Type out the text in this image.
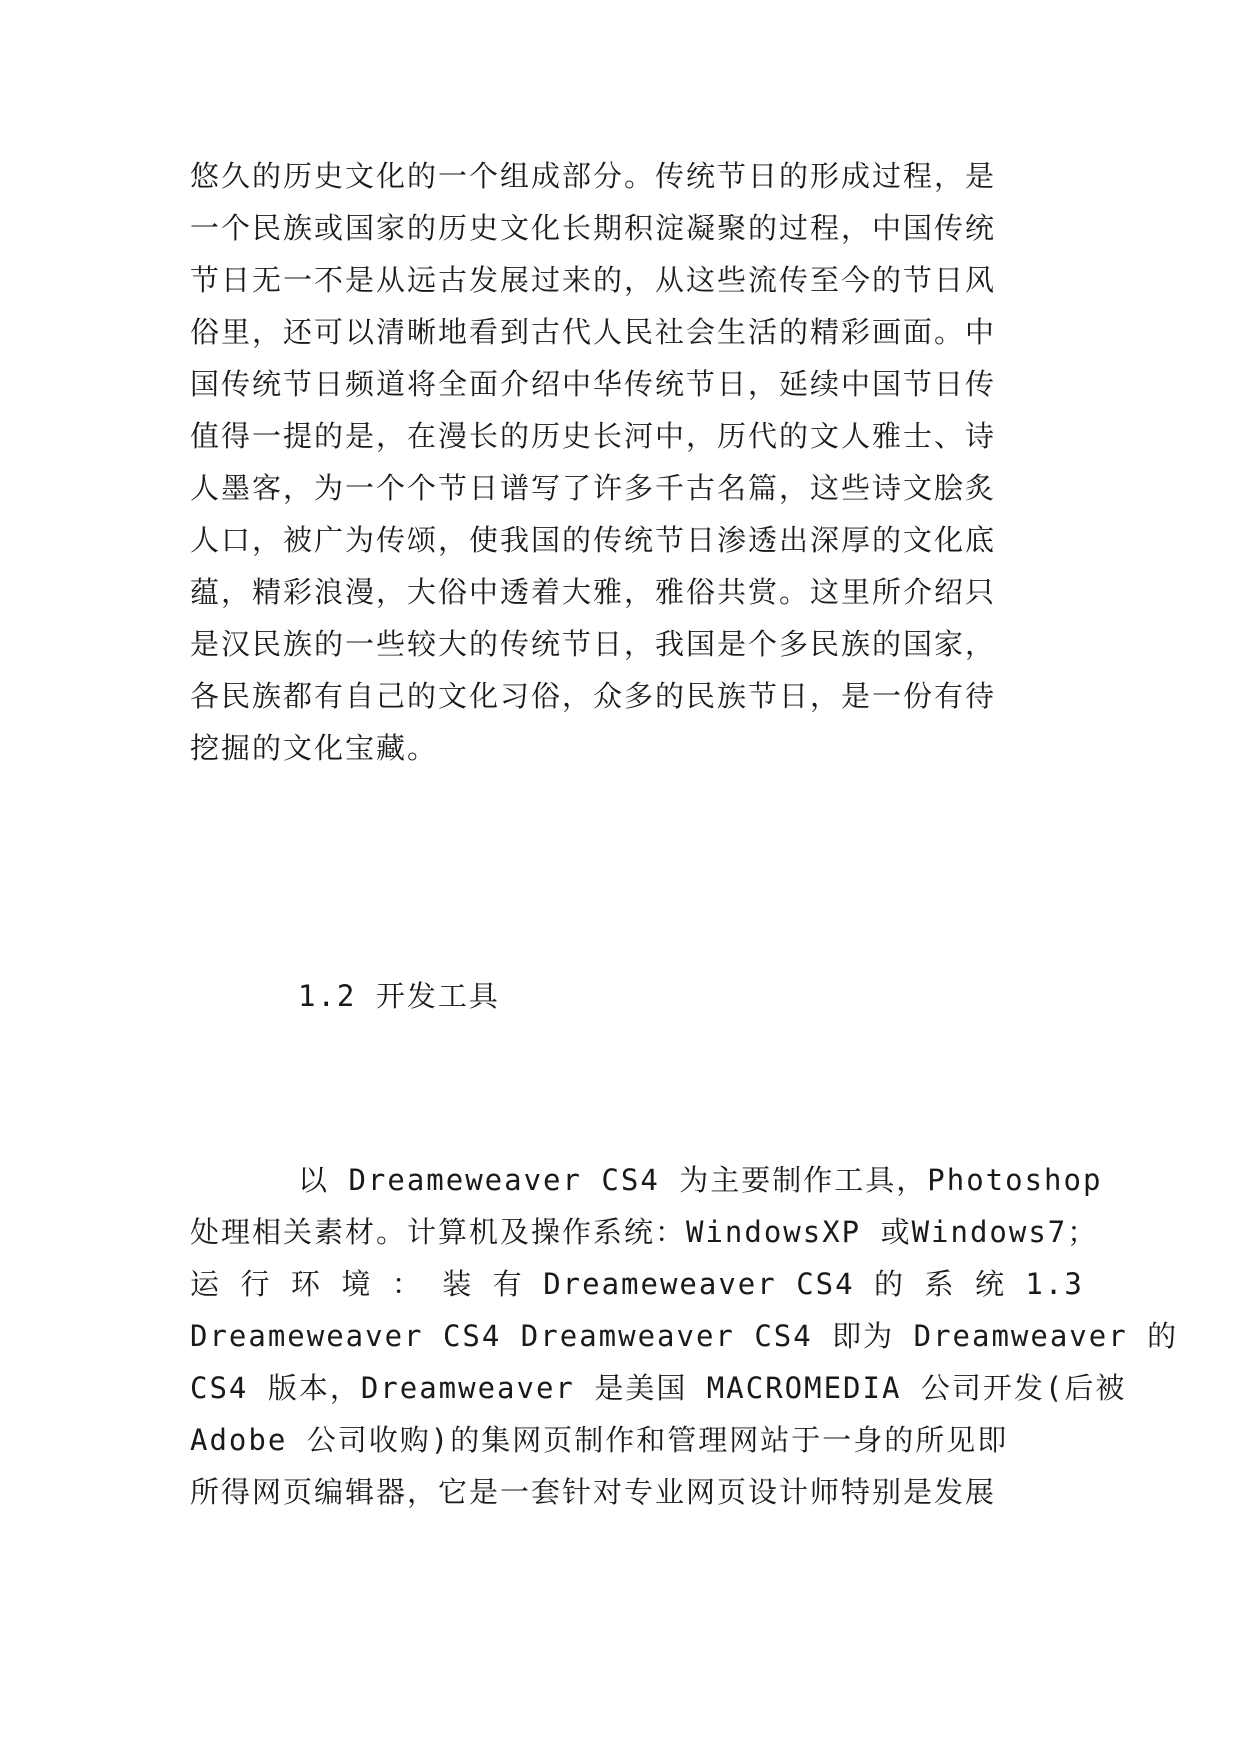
悠久的历史文化的一个组成部分。传统节日的形成过程，是
一个民族或国家的历史文化长期积淀凝聚的过程，中国传统
节日无一不是从远古发展过来的，从这些流传至今的节日风
俗里，还可以清晰地看到古代人民社会生活的精彩画面。中
国传统节日频道将全面介绍中华传统节日，延续中国节日传
值得一提的是，在漫长的历史长河中，历代的文人雅士、诗
人墨客，为一个个节日谱写了许多千古名篇，这些诗文脍炙
人口，被广为传颂，使我国的传统节日渗透出深厚的文化底
蕴，精彩浪漫，大俗中透着大雅，雅俗共赏。这里所介绍只
是汉民族的一些较大的传统节日，我国是个多民族的国家，
各民族都有自己的文化习俗，众多的民族节日，是一份有待
挖掘的文化宝藏。
1.2 开发工具
以 Dreameweaver CS4 为主要制作工具，Photoshop
处理相关素材。计算机及操作系统：WindowsXP 或Windows7；
运 行 环 境 ： 装 有 Dreameweaver CS4 的 系 统 1.3
Dreameweaver CS4 Dreamweaver CS4 即为 Dreamweaver 的
CS4 版本，Dreamweaver 是美国 MACROMEDIA 公司开发(后被
Adobe 公司收购)的集网页制作和管理网站于一身的所见即
所得网页编辑器，它是一套针对专业网页设计师特别是发展
